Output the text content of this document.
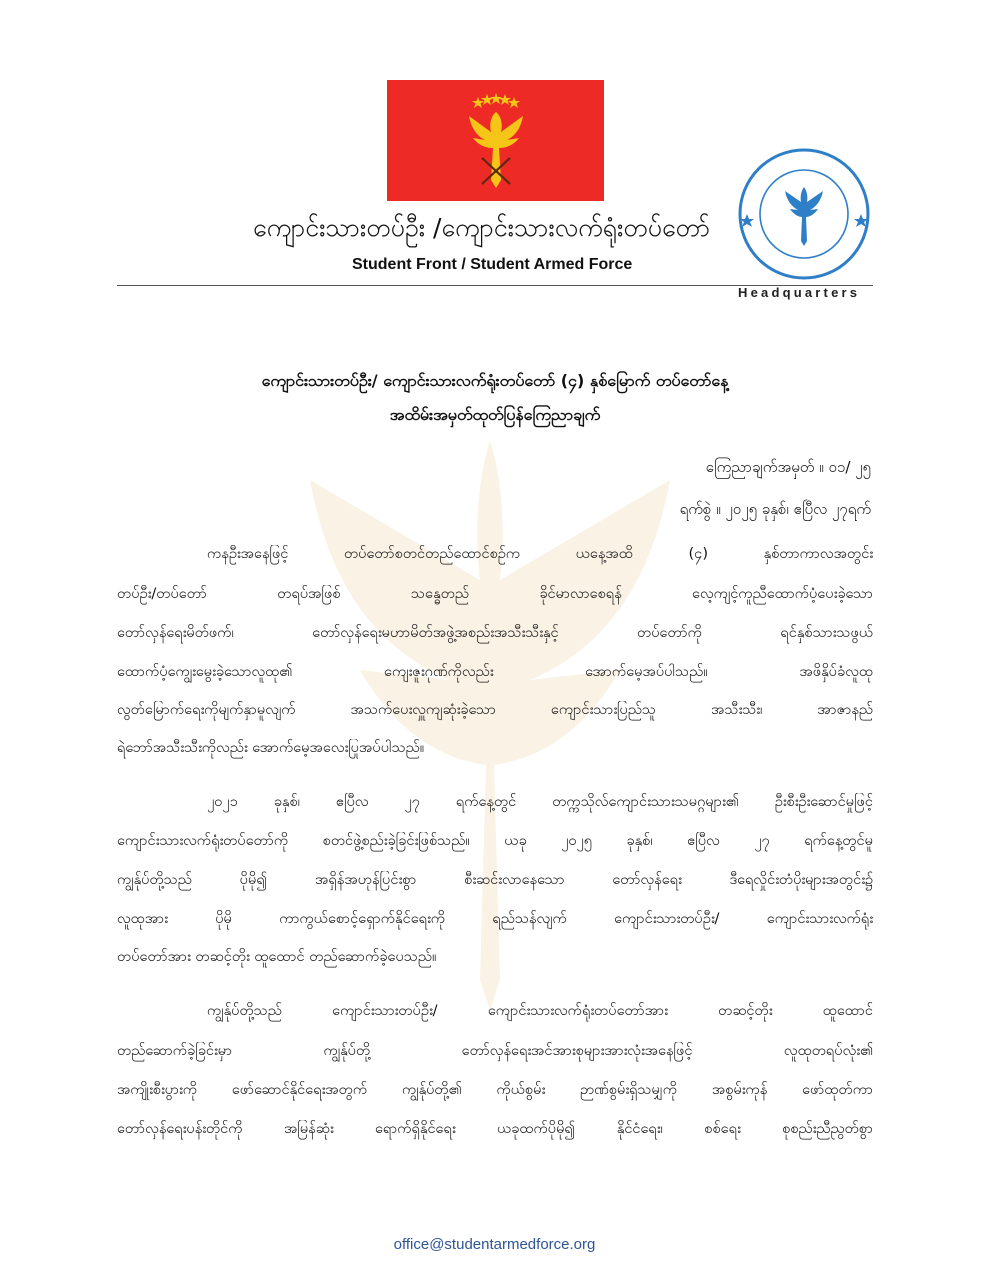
Headquarters
ကျောင်းသားတပ်ဦး /ကျောင်းသားလက်ရုံးတပ်တော်
Student Front / Student Armed Force
ကျောင်းသားတပ်ဦး/ ကျောင်းသားလက်ရုံးတပ်တော် (၄) နှစ်မြောက် တပ်တော်နေ့
အထိမ်းအမှတ်ထုတ်ပြန်ကြေညာချက်
ကြေညာချက်အမှတ် ။ ၀၁/ ၂၅
ရက်စွဲ ။ ၂၀၂၅ ခုနှစ်၊ ဧပြီလ ၂၇ရက်
ကနဦးအနေဖြင့် တပ်တော်စတင်တည်ထောင်စဉ်က ယနေ့အထိ (၄) နှစ်တာကာလအတွင်း
တပ်ဦး/တပ်တော် တရပ်အဖြစ် သန္ဓေတည် ခိုင်မာလာစေရန် လေ့ကျင့်ကူညီထောက်ပံ့ပေးခဲ့သော
တော်လှန်ရေးမိတ်ဖက်၊ တော်လှန်ရေးမဟာမိတ်အဖွဲ့အစည်းအသီးသီးနှင့် တပ်တော်ကို ရင်နှစ်သားသဖွယ်
ထောက်ပံ့ကျွေးမွေးခဲ့သောလူထု၏ ကျေးဇူးဂုဏ်ကိုလည်း အောက်မေ့အပ်ပါသည်။ အဖိနှိပ်ခံလူထု
လွတ်မြောက်ရေးကိုမျက်နှာမူလျက် အသက်ပေးလှူကျဆုံးခဲ့သော ကျောင်းသားပြည်သူ အသီးသီး၊ အာဇာနည်
ရဲဘော်အသီးသီးကိုလည်း အောက်မေ့အလေးပြုအပ်ပါသည်။
၂၀၂၁ ခုနှစ်၊ ဧပြီလ ၂၇ ရက်နေ့တွင် တက္ကသိုလ်ကျောင်းသားသမဂ္ဂများ၏ ဦးစီးဦးဆောင်မှုဖြင့်
ကျောင်းသားလက်ရုံးတပ်တော်ကို စတင်ဖွဲ့စည်းခဲ့ခြင်းဖြစ်သည်။ ယခု ၂၀၂၅ ခုနှစ်၊ ဧပြီလ ၂၇ ရက်နေ့တွင်မူ
ကျွန်ုပ်တို့သည် ပိုမို၍ အရှိန်အဟုန်ပြင်းစွာ စီးဆင်းလာနေသော တော်လှန်ရေး ဒီရေလှိုင်းတံပိုးများအတွင်း၌
လူထုအား ပိုမို ကာကွယ်စောင့်ရှောက်နိုင်ရေးကို ရည်သန်လျက် ကျောင်းသားတပ်ဦး/ ကျောင်းသားလက်ရုံး
တပ်တော်အား တဆင့်တိုး ထူထောင် တည်ဆောက်ခဲ့ပေသည်။
ကျွန်ုပ်တို့သည် ကျောင်းသားတပ်ဦး/ ကျောင်းသားလက်ရုံးတပ်တော်အား တဆင့်တိုး ထူထောင်
တည်ဆောက်ခဲ့ခြင်းမှာ ကျွန်ုပ်တို့ တော်လှန်ရေးအင်အားစုများအားလုံးအနေဖြင့် လူထုတရပ်လုံး၏
အကျိုးစီးပွားကို ဖော်ဆောင်နိုင်ရေးအတွက် ကျွန်ုပ်တို့၏ ကိုယ်စွမ်း ဉာဏ်စွမ်းရှိသမျှကို အစွမ်းကုန် ဖော်ထုတ်ကာ
တော်လှန်ရေးပန်းတိုင်ကို အမြန်ဆုံး ရောက်ရှိနိုင်ရေး ယခုထက်ပိုမို၍ နိုင်ငံရေး၊ စစ်ရေး စုစည်းညီညွတ်စွာ
office@studentarmedforce.org
